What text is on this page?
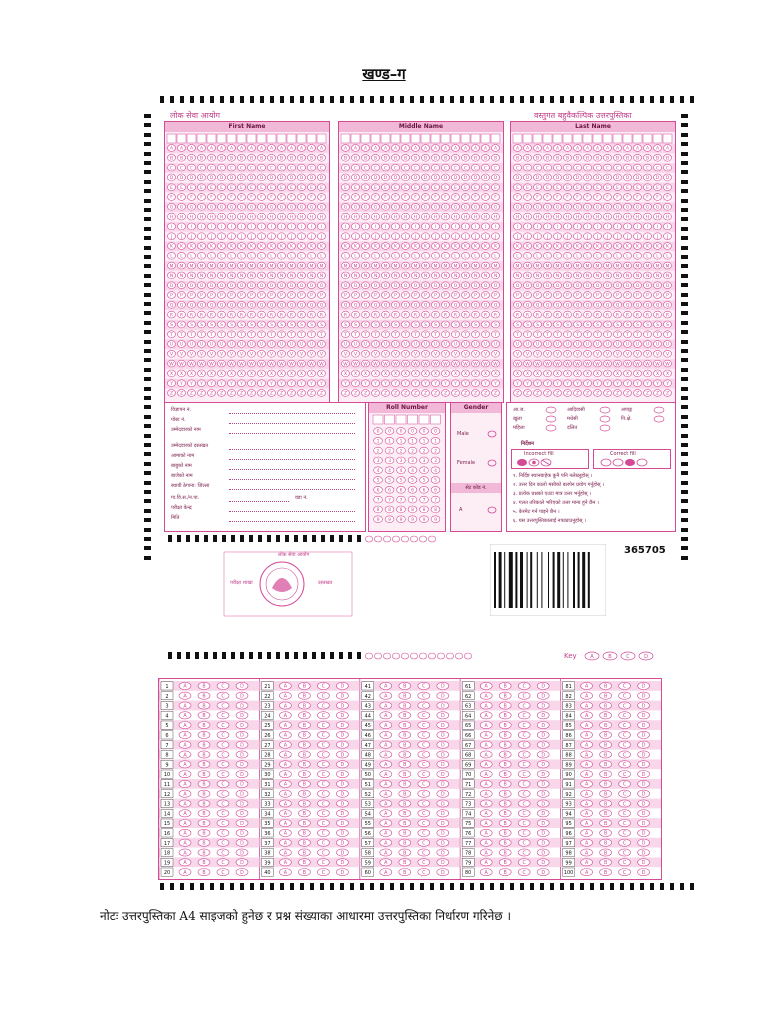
खण्ड–ग
लोक सेवा आयोग	वस्तुगत बहुवैकल्पिक उत्तरपुस्तिका
First Name
A A A A A A A A A A A A A A A A
B B B B B B B B B B B B B B B B
C C C C C C C C C C C C C C C C
D D D D D D D D D D D D D D D D
E E E E E E E E E E E E E E E E
F F F F F F F F F F F F F F F F
G G G G G G G G G G G G G G G G
H H H H H H H H H H H H H H H H
I I I I I I I I I I I I I I I I
J J J J J J J J J J J J J J J J
K K K K K K K K K K K K K K K K
L L L L L L L L L L L L L L L L
M M M M M M M M M M M M M M M M
N N N N N N N N N N N N N N N N
O O O O O O O O O O O O O O O O
P P P P P P P P P P P P P P P P
Q Q Q Q Q Q Q Q Q Q Q Q Q Q Q Q
R R R R R R R R R R R R R R R R
S S S S S S S S S S S S S S S S
T T T T T T T T T T T T T T T T
U U U U U U U U U U U U U U U U
V V V V V V V V V V V V V V V V
W W W W W W W W W W W W W W W W
X X X X X X X X X X X X X X X X
Y Y Y Y Y Y Y Y Y Y Y Y Y Y Y Y
Z Z Z Z Z Z Z Z Z Z Z Z Z Z Z Z
Middle Name
A A A A A A A A A A A A A A A A
B B B B B B B B B B B B B B B B
C C C C C C C C C C C C C C C C
D D D D D D D D D D D D D D D D
E E E E E E E E E E E E E E E E
F F F F F F F F F F F F F F F F
G G G G G G G G G G G G G G G G
H H H H H H H H H H H H H H H H
I I I I I I I I I I I I I I I I
J J J J J J J J J J J J J J J J
K K K K K K K K K K K K K K K K
L L L L L L L L L L L L L L L L
M M M M M M M M M M M M M M M M
N N N N N N N N N N N N N N N N
O O O O O O O O O O O O O O O O
P P P P P P P P P P P P P P P P
Q Q Q Q Q Q Q Q Q Q Q Q Q Q Q Q
R R R R R R R R R R R R R R R R
S S S S S S S S S S S S S S S S
T T T T T T T T T T T T T T T T
U U U U U U U U U U U U U U U U
V V V V V V V V V V V V V V V V
W W W W W W W W W W W W W W W W
X X X X X X X X X X X X X X X X
Y Y Y Y Y Y Y Y Y Y Y Y Y Y Y Y
Z Z Z Z Z Z Z Z Z Z Z Z Z Z Z Z
Last Name
A A A A A A A A A A A A A A A A
B B B B B B B B B B B B B B B B
C C C C C C C C C C C C C C C C
D D D D D D D D D D D D D D D D
E E E E E E E E E E E E E E E E
F F F F F F F F F F F F F F F F
G G G G G G G G G G G G G G G G
H H H H H H H H H H H H H H H H
I I I I I I I I I I I I I I I I
J J J J J J J J J J J J J J J J
K K K K K K K K K K K K K K K K
L L L L L L L L L L L L L L L L
M M M M M M M M M M M M M M M M
N N N N N N N N N N N N N N N N
O O O O O O O O O O O O O O O O
P P P P P P P P P P P P P P P P
Q Q Q Q Q Q Q Q Q Q Q Q Q Q Q Q
R R R R R R R R R R R R R R R R
S S S S S S S S S S S S S S S S
T T T T T T T T T T T T T T T T
U U U U U U U U U U U U U U U U
V V V V V V V V V V V V V V V V
W W W W W W W W W W W W W W W W
X X X X X X X X X X X X X X X X
Y Y Y Y Y Y Y Y Y Y Y Y Y Y Y Y
Z Z Z Z Z Z Z Z Z Z Z Z Z Z Z Z
विज्ञापन नं.
पोस्ट नं.
उम्मेदवारको नाम
उम्मेदवारको दस्तखत
आमाको नाम
बाबुको नाम
बाजेको नाम
स्थायी ठेगाना: जिल्ला
गा.वि.स./न.पा.
परीक्षा केन्द्र
मिति
वडा नं.
Roll Number
0 0 0 0 0 0
1 1 1 1 1 1
2 2 2 2 2 2
3 3 3 3 3 3
4 4 4 4 4 4
5 5 5 5 5 5
6 6 6 6 6 6
7 7 7 7 7 7
8 8 8 8 8 8
9 9 9 9 9 9
Gender
Male
Female
सेट कोड नं.
A
आ.ज.	आदिवासी	अपाङ्ग
खुला	मधेसी	पि.क्षे.
महिला	दलित
निर्देशन
Incorrect fill	Correct fill
१. निर्दिष्ट स्थानबाहेक कुनै पनि नलेख्नुहोस् ।
२. उत्तर दिन कालो मसीको बलपेन प्रयोग गर्नुहोस् ।
३. प्रत्येक प्रश्नको एउटा मात्र उत्तर भर्नुहोस् ।
४. गलत तरिकाले भरिएको उत्तर मान्य हुने छैन ।
५. केरमेट गर्न पाइने छैन ।
६. यस उत्तरपुस्तिकालाई नपट्याउनुहोस् ।
लोक सेवा आयोग
परीक्षा शाखा	दस्तखत
365705
Key	A	B	C	D
1	A	B	C	D
2	A	B	C	D
3	A	B	C	D
4	A	B	C	D
5	A	B	C	D
6	A	B	C	D
7	A	B	C	D
8	A	B	C	D
9	A	B	C	D
10	A	B	C	D
11	A	B	C	D
12	A	B	C	D
13	A	B	C	D
14	A	B	C	D
15	A	B	C	D
16	A	B	C	D
17	A	B	C	D
18	A	B	C	D
19	A	B	C	D
20	A	B	C	D
21	A	B	C	D
22	A	B	C	D
23	A	B	C	D
24	A	B	C	D
25	A	B	C	D
26	A	B	C	D
27	A	B	C	D
28	A	B	C	D
29	A	B	C	D
30	A	B	C	D
31	A	B	C	D
32	A	B	C	D
33	A	B	C	D
34	A	B	C	D
35	A	B	C	D
36	A	B	C	D
37	A	B	C	D
38	A	B	C	D
39	A	B	C	D
40	A	B	C	D
41	A	B	C	D
42	A	B	C	D
43	A	B	C	D
44	A	B	C	D
45	A	B	C	D
46	A	B	C	D
47	A	B	C	D
48	A	B	C	D
49	A	B	C	D
50	A	B	C	D
51	A	B	C	D
52	A	B	C	D
53	A	B	C	D
54	A	B	C	D
55	A	B	C	D
56	A	B	C	D
57	A	B	C	D
58	A	B	C	D
59	A	B	C	D
60	A	B	C	D
61	A	B	C	D
62	A	B	C	D
63	A	B	C	D
64	A	B	C	D
65	A	B	C	D
66	A	B	C	D
67	A	B	C	D
68	A	B	C	D
69	A	B	C	D
70	A	B	C	D
71	A	B	C	D
72	A	B	C	D
73	A	B	C	D
74	A	B	C	D
75	A	B	C	D
76	A	B	C	D
77	A	B	C	D
78	A	B	C	D
79	A	B	C	D
80	A	B	C	D
81	A	B	C	D
82	A	B	C	D
83	A	B	C	D
84	A	B	C	D
85	A	B	C	D
86	A	B	C	D
87	A	B	C	D
88	A	B	C	D
89	A	B	C	D
90	A	B	C	D
91	A	B	C	D
92	A	B	C	D
93	A	B	C	D
94	A	B	C	D
95	A	B	C	D
96	A	B	C	D
97	A	B	C	D
98	A	B	C	D
99	A	B	C	D
100 A	B	C	D
नोटः उत्तरपुस्तिका A4 साइजको हुनेछ र प्रश्न संख्याका आधारमा उत्तरपुस्तिका निर्धारण गरिनेछ ।
